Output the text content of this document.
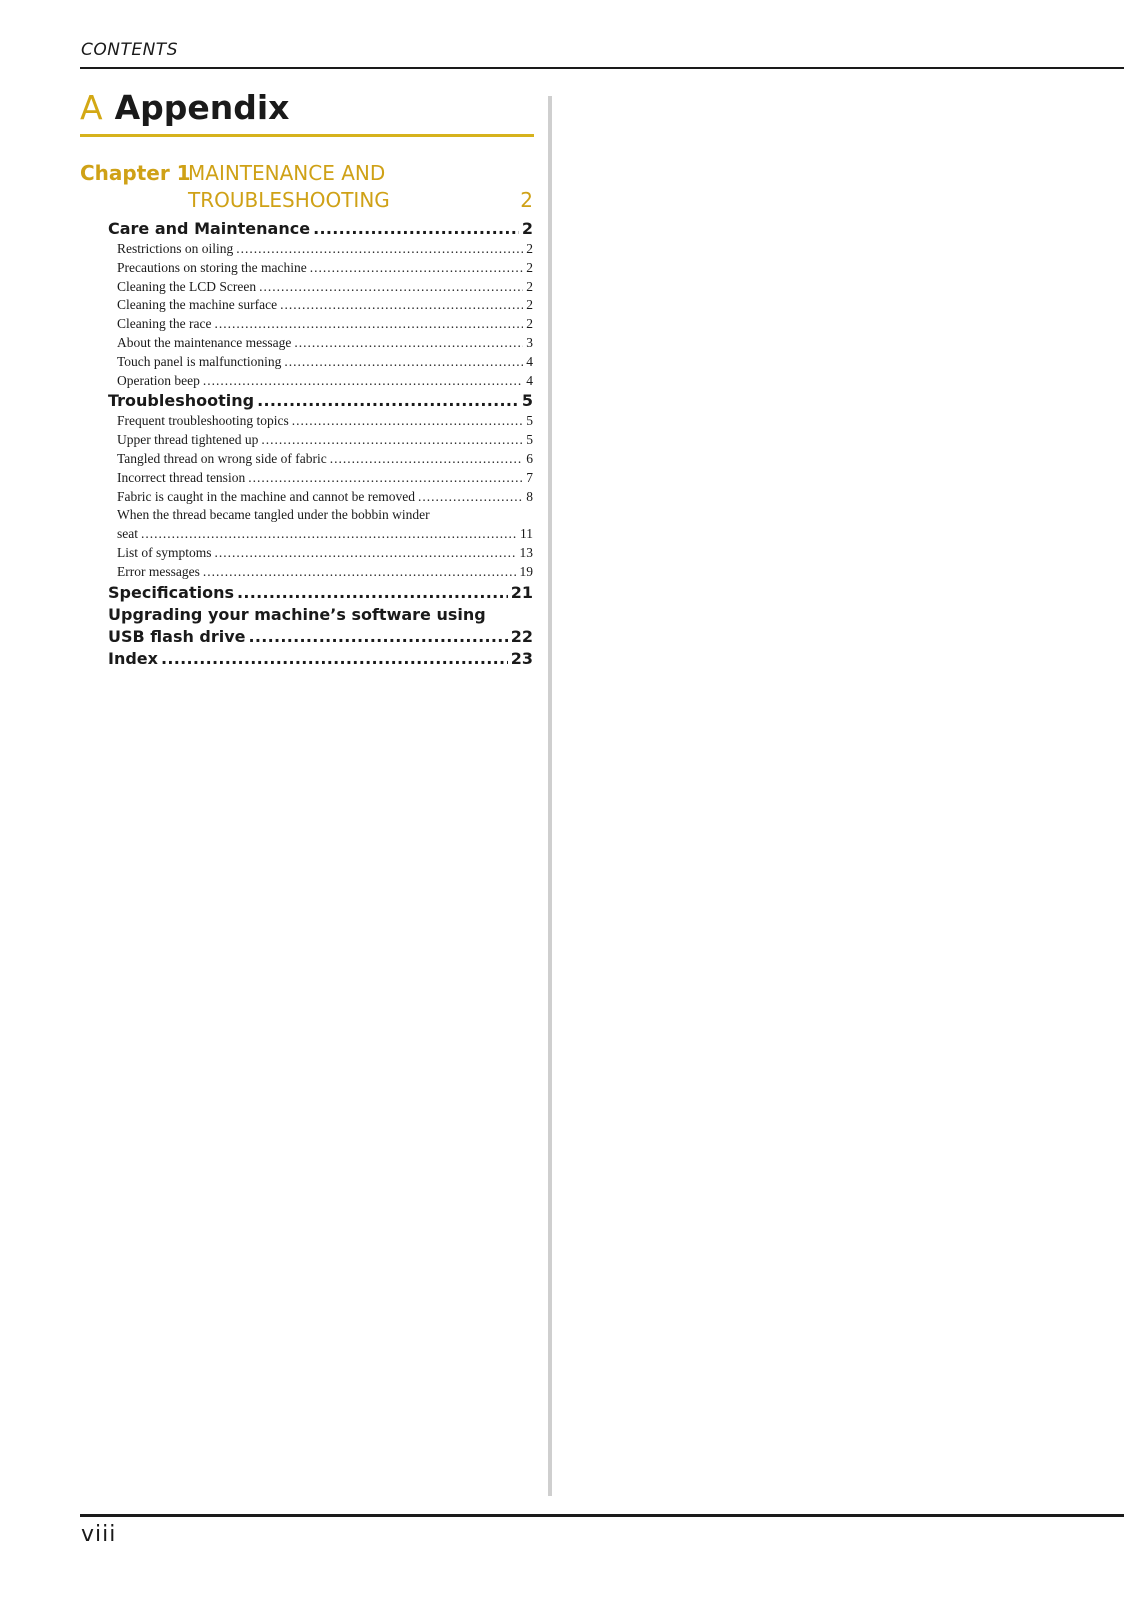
CONTENTS
A Appendix
Chapter 1
MAINTENANCE AND
TROUBLESHOOTING	2
Care and Maintenance .....	2
Restrictions on oiling .....	2
Precautions on storing the machine .....	2
Cleaning the LCD Screen .....	2
Cleaning the machine surface .....	2
Cleaning the race .....	2
About the maintenance message .....	3
Touch panel is malfunctioning .....	4
Operation beep .....	4
Troubleshooting .....	5
Frequent troubleshooting topics .....	5
Upper thread tightened up .....	5
Tangled thread on wrong side of fabric .....	6
Incorrect thread tension .....	7
Fabric is caught in the machine and cannot be removed .....	8
When the thread became tangled under the bobbin winder
seat .....	11
List of symptoms .....	13
Error messages .....	19
Specifications .....	21
Upgrading your machine’s software using
USB flash drive .....	22
Index .....	23
viii
